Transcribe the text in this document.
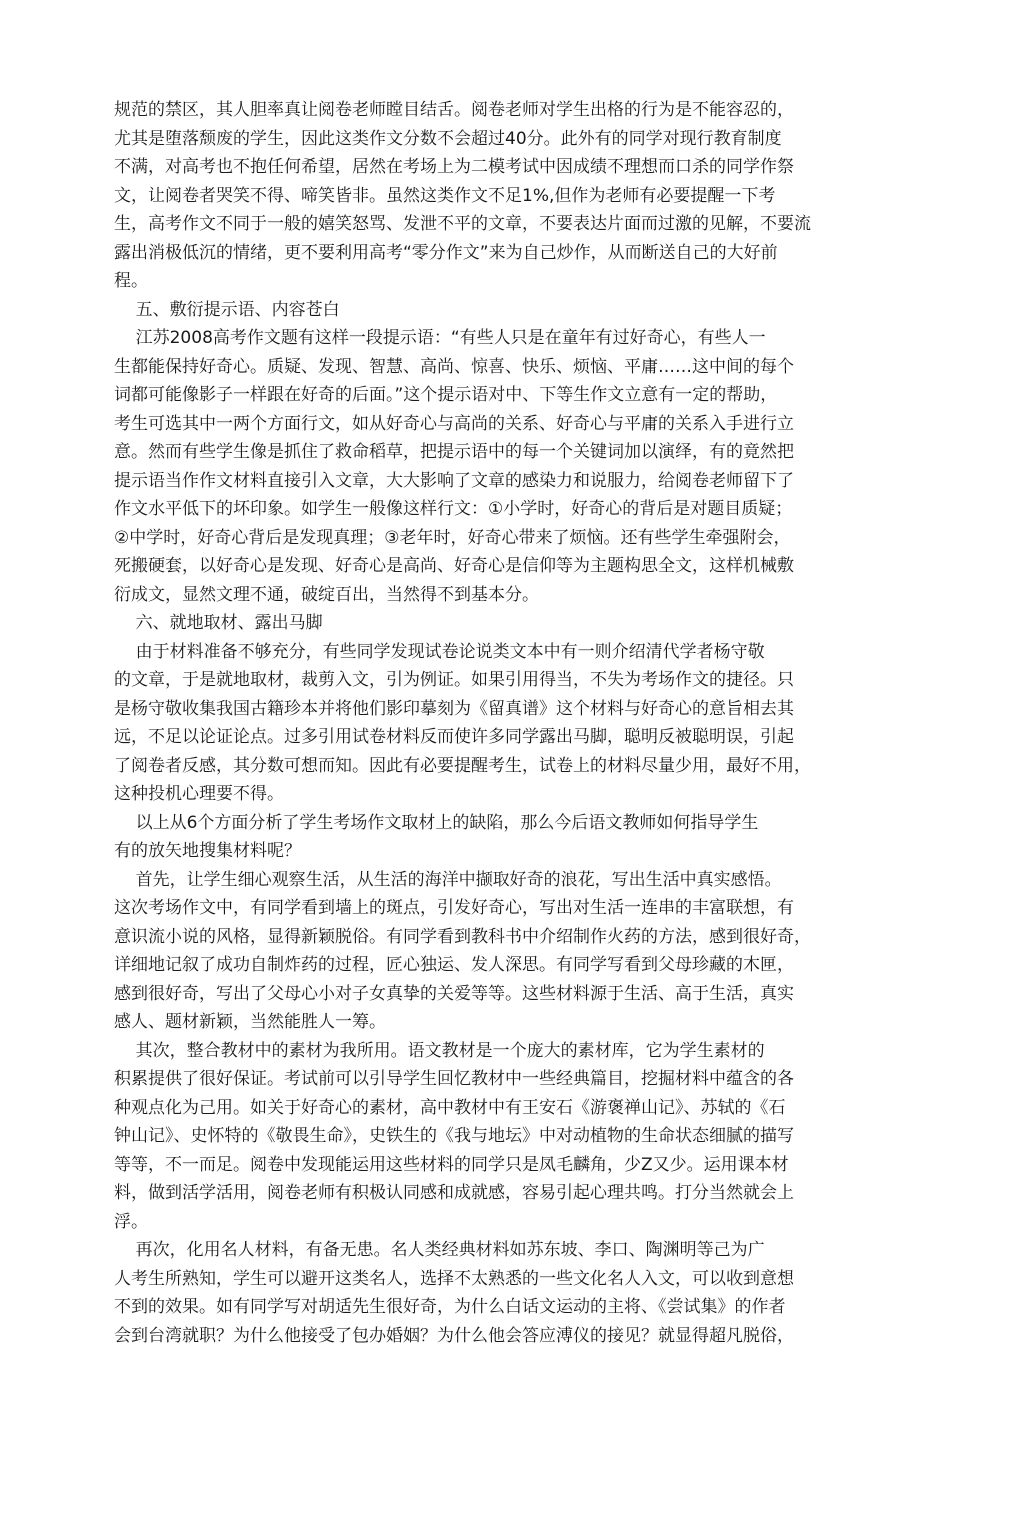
规范的禁区，其人胆率真让阅卷老师瞠目结舌。阅卷老师对学生出格的行为是不能容忍的，

尤其是堕落颓废的学生，因此这类作文分数不会超过40分。此外有的同学对现行教育制度

不满，对高考也不抱任何希望，居然在考场上为二模考试中因成绩不理想而口杀的同学作祭

文，让阅卷者哭笑不得、啼笑皆非。虽然这类作文不足1%,但作为老师有必要提醒一下考

生，高考作文不同于一般的嬉笑怒骂、发泄不平的文章，不要表达片面而过激的见解，不要流

露出消极低沉的情绪，更不要利用高考“零分作文”来为自己炒作，从而断送自己的大好前

程。

五、敷衍提示语、内容苍白

江苏2008高考作文题有这样一段提示语：“有些人只是在童年有过好奇心，有些人一

生都能保持好奇心。质疑、发现、智慧、高尚、惊喜、快乐、烦恼、平庸……这中间的每个

词都可能像影子一样跟在好奇的后面。”这个提示语对中、下等生作文立意有一定的帮助，

考生可选其中一两个方面行文，如从好奇心与高尚的关系、好奇心与平庸的关系入手进行立

意。然而有些学生像是抓住了救命稻草，把提示语中的每一个关键词加以演绎，有的竟然把

提示语当作作文材料直接引入文章，大大影响了文章的感染力和说服力，给阅卷老师留下了

作文水平低下的坏印象。如学生一般像这样行文：①小学时，好奇心的背后是对题目质疑；

②中学时，好奇心背后是发现真理；③老年时，好奇心带来了烦恼。还有些学生牵强附会，

死搬硬套，以好奇心是发现、好奇心是高尚、好奇心是信仰等为主题构思全文，这样机械敷

衍成文，显然文理不通，破绽百出，当然得不到基本分。

六、就地取材、露出马脚

由于材料准备不够充分，有些同学发现试卷论说类文本中有一则介绍清代学者杨守敬

的文章，于是就地取材，裁剪入文，引为例证。如果引用得当，不失为考场作文的捷径。只

是杨守敬收集我国古籍珍本并将他们影印摹刻为《留真谱》这个材料与好奇心的意旨相去其

远，不足以论证论点。过多引用试卷材料反而使许多同学露出马脚，聪明反被聪明误，引起

了阅卷者反感，其分数可想而知。因此有必要提醒考生，试卷上的材料尽量少用，最好不用，

这种投机心理要不得。

以上从6个方面分析了学生考场作文取材上的缺陷，那么今后语文教师如何指导学生

有的放矢地搜集材料呢？

首先，让学生细心观察生活，从生活的海洋中撷取好奇的浪花，写出生活中真实感悟。

这次考场作文中，有同学看到墙上的斑点，引发好奇心，写出对生活一连串的丰富联想，有

意识流小说的风格，显得新颖脱俗。有同学看到教科书中介绍制作火药的方法，感到很好奇，

详细地记叙了成功自制炸药的过程，匠心独运、发人深思。有同学写看到父母珍藏的木匣，

感到很好奇，写出了父母心小对子女真挚的关爱等等。这些材料源于生活、高于生活，真实

感人、题材新颖，当然能胜人一筹。

其次，整合教材中的素材为我所用。语文教材是一个庞大的素材库，它为学生素材的

积累提供了很好保证。考试前可以引导学生回忆教材中一些经典篇目，挖掘材料中蕴含的各

种观点化为己用。如关于好奇心的素材，高中教材中有王安石《游褒禅山记》、苏轼的《石

钟山记》、史怀特的《敬畏生命》，史铁生的《我与地坛》中对动植物的生命状态细腻的描写

等等，不一而足。阅卷中发现能运用这些材料的同学只是凤毛麟角，少Z又少。运用课本材

料，做到活学活用，阅卷老师有积极认同感和成就感，容易引起心理共鸣。打分当然就会上

浮。

再次，化用名人材料，有备无患。名人类经典材料如苏东坡、李口、陶渊明等己为广

人考生所熟知，学生可以避开这类名人，选择不太熟悉的一些文化名人入文，可以收到意想

不到的效果。如有同学写对胡适先生很好奇，为什么白话文运动的主将、《尝试集》的作者

会到台湾就职？为什么他接受了包办婚姻？为什么他会答应溥仪的接见？就显得超凡脱俗，
